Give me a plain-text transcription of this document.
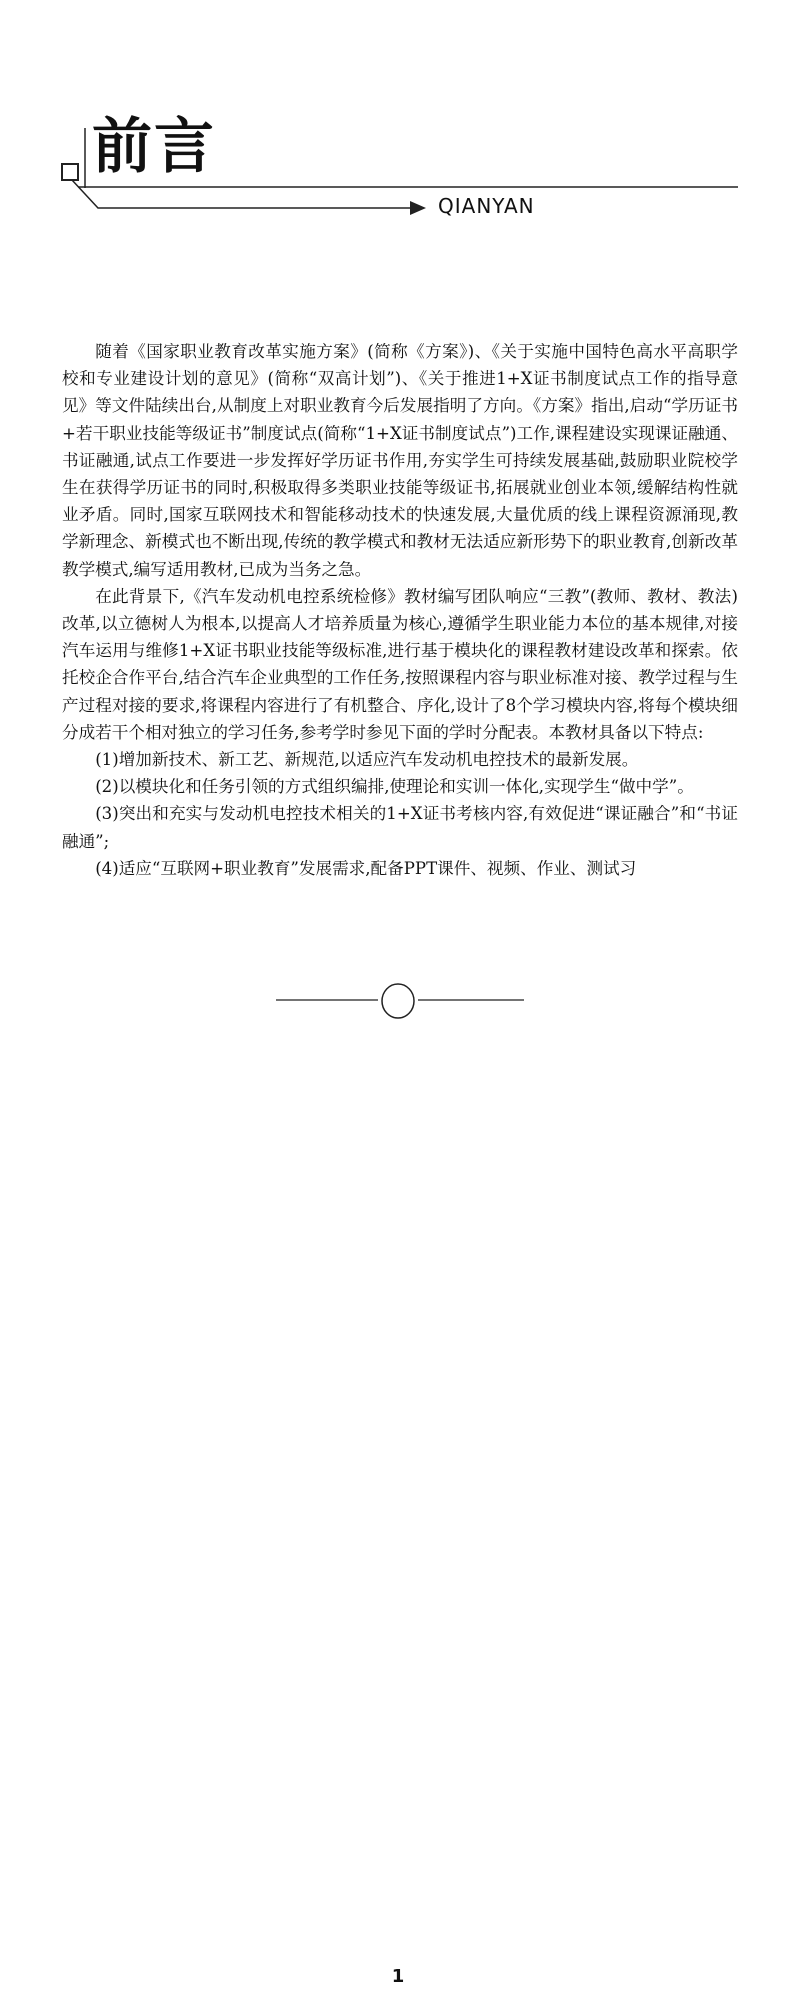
前言
QIANYAN

随着《国家职业教育改革实施方案》(简称《方案》)、《关于实施中国特色高水平高职学校和专业建设计划的意见》(简称“双高计划”)、《关于推进1+X证书制度试点工作的指导意见》等文件陆续出台,从制度上对职业教育今后发展指明了方向。《方案》指出,启动“学历证书+若干职业技能等级证书”制度试点(简称“1+X证书制度试点”)工作,课程建设实现课证融通、书证融通,试点工作要进一步发挥好学历证书作用,夯实学生可持续发展基础,鼓励职业院校学生在获得学历证书的同时,积极取得多类职业技能等级证书,拓展就业创业本领,缓解结构性就业矛盾。同时,国家互联网技术和智能移动技术的快速发展,大量优质的线上课程资源涌现,教学新理念、新模式也不断出现,传统的教学模式和教材无法适应新形势下的职业教育,创新改革教学模式,编写适用教材,已成为当务之急。

在此背景下,《汽车发动机电控系统检修》教材编写团队响应“三教”(教师、教材、教法)改革,以立德树人为根本,以提高人才培养质量为核心,遵循学生职业能力本位的基本规律,对接汽车运用与维修1+X证书职业技能等级标准,进行基于模块化的课程教材建设改革和探索。依托校企合作平台,结合汽车企业典型的工作任务,按照课程内容与职业标准对接、教学过程与生产过程对接的要求,将课程内容进行了有机整合、序化,设计了8个学习模块内容,将每个模块细分成若干个相对独立的学习任务,参考学时参见下面的学时分配表。本教材具备以下特点:

(1)增加新技术、新工艺、新规范,以适应汽车发动机电控技术的最新发展。

(2)以模块化和任务引领的方式组织编排,使理论和实训一体化,实现学生“做中学”。

(3)突出和充实与发动机电控技术相关的1+X证书考核内容,有效促进“课证融合”和“书证融通”;

(4)适应“互联网+职业教育”发展需求,配备PPT课件、视频、作业、测试习

1
